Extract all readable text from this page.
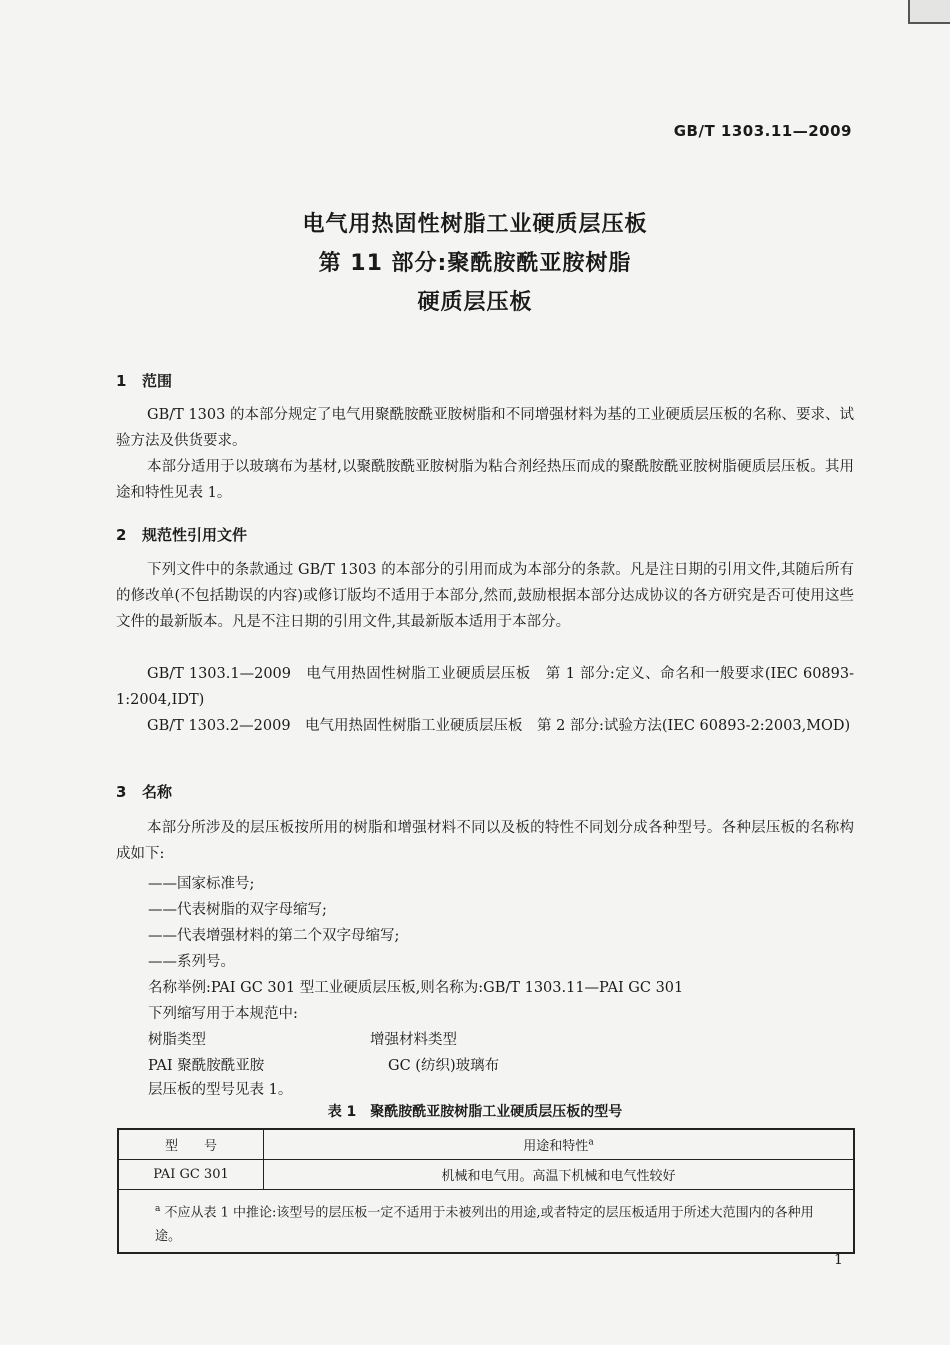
GB/T 1303.11—2009
电气用热固性树脂工业硬质层压板
第 11 部分:聚酰胺酰亚胺树脂
硬质层压板
1 范围
GB/T 1303 的本部分规定了电气用聚酰胺酰亚胺树脂和不同增强材料为基的工业硬质层压板的名称、要求、试验方法及供货要求。
本部分适用于以玻璃布为基材,以聚酰胺酰亚胺树脂为粘合剂经热压而成的聚酰胺酰亚胺树脂硬质层压板。其用途和特性见表 1。
2 规范性引用文件
下列文件中的条款通过 GB/T 1303 的本部分的引用而成为本部分的条款。凡是注日期的引用文件,其随后所有的修改单(不包括勘误的内容)或修订版均不适用于本部分,然而,鼓励根据本部分达成协议的各方研究是否可使用这些文件的最新版本。凡是不注日期的引用文件,其最新版本适用于本部分。
GB/T 1303.1—2009　电气用热固性树脂工业硬质层压板　第 1 部分:定义、命名和一般要求(IEC 60893-1:2004,IDT)
GB/T 1303.2—2009　电气用热固性树脂工业硬质层压板　第 2 部分:试验方法(IEC 60893-2:2003,MOD)
3 名称
本部分所涉及的层压板按所用的树脂和增强材料不同以及板的特性不同划分成各种型号。各种层压板的名称构成如下:
——国家标准号;
——代表树脂的双字母缩写;
——代表增强材料的第二个双字母缩写;
——系列号。
名称举例:PAI GC 301 型工业硬质层压板,则名称为:GB/T 1303.11—PAI GC 301
下列缩写用于本规范中:
树脂类型	增强材料类型
PAI 聚酰胺酰亚胺	GC (纺织)玻璃布
层压板的型号见表 1。
表 1　聚酰胺酰亚胺树脂工业硬质层压板的型号
型　　号	用途和特性$^a$
PAI GC 301	机械和电气用。高温下机械和电气性较好
$^a$ 不应从表 1 中推论:该型号的层压板一定不适用于未被列出的用途,或者特定的层压板适用于所述大范围内的各种用途。	
1
